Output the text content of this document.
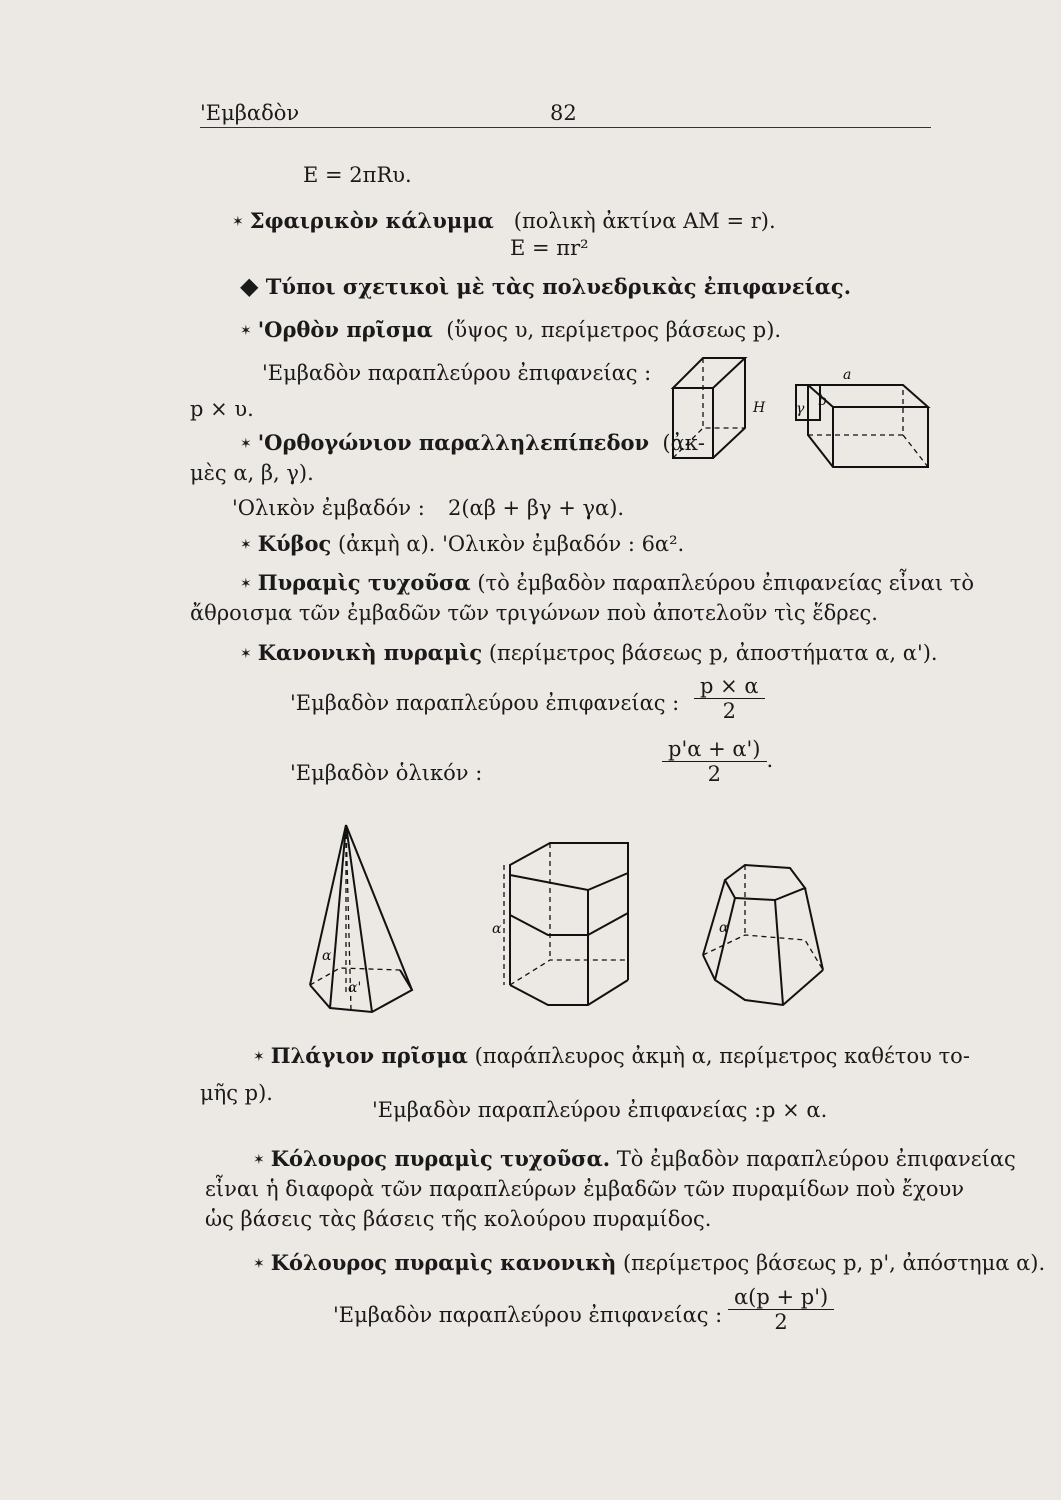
'Εμβαδὸν	82
E = 2πRυ.
✶ Σφαιρικὸν κάλυμμα (πολικὴ ἀκτίνα AM = r).
E = πr²
◆ Τύποι σχετικοὶ μὲ τὰς πολυεδρικὰς ἐπιφανείας.
✶ 'Ορθὸν πρῖσμα (ὕψος υ, περίμετρος βάσεως p).
'Εμβαδὸν παραπλεύρου ἐπιφανείας :
p × υ.
✶ 'Ορθογώνιον παραλληλεπίπεδον (ἀκ-
μὲς α, β, γ).
'Ολικὸν ἐμβαδόν : 2(αβ + βγ + γα).
✶ Κύβος (ἀκμὴ α). 'Ολικὸν ἐμβαδόν : 6α².
✶ Πυραμὶς τυχοῦσα (τὸ ἐμβαδὸν παραπλεύρου ἐπιφανείας εἶναι τὸ
ἄθροισμα τῶν ἐμβαδῶν τῶν τριγώνων ποὺ ἀποτελοῦν τὶς ἕδρες.
✶ Κανονικὴ πυραμὶς (περίμετρος βάσεως p, ἀποστήματα α, α').
'Εμβαδὸν παραπλεύρου ἐπιφανείας : $\frac{p \times \alpha}{2}$
'Εμβαδὸν ὁλικόν :	$\frac{p'\alpha + \alpha')}{2}$ .
H
a
b
γ
α
α'
α	α
✶ Πλάγιον πρῖσμα (παράπλευρος ἀκμὴ α, περίμετρος καθέτου το-
μῆς p).
'Εμβαδὸν παραπλεύρου ἐπιφανείας : p × α.
✶ Κόλουρος πυραμὶς τυχοῦσα. Τὸ ἐμβαδὸν παραπλεύρου ἐπιφανείας
εἶναι ἡ διαφορὰ τῶν παραπλεύρων ἐμβαδῶν τῶν πυραμίδων ποὺ ἔχουν
ὡς βάσεις τὰς βάσεις τῆς κολούρου πυραμίδος.
✶ Κόλουρος πυραμὶς κανονικὴ (περίμετρος βάσεως p, p', ἀπόστημα α).
'Εμβαδὸν παραπλεύρου ἐπιφανείας : $\frac{\alpha(p + p')}{2}$
